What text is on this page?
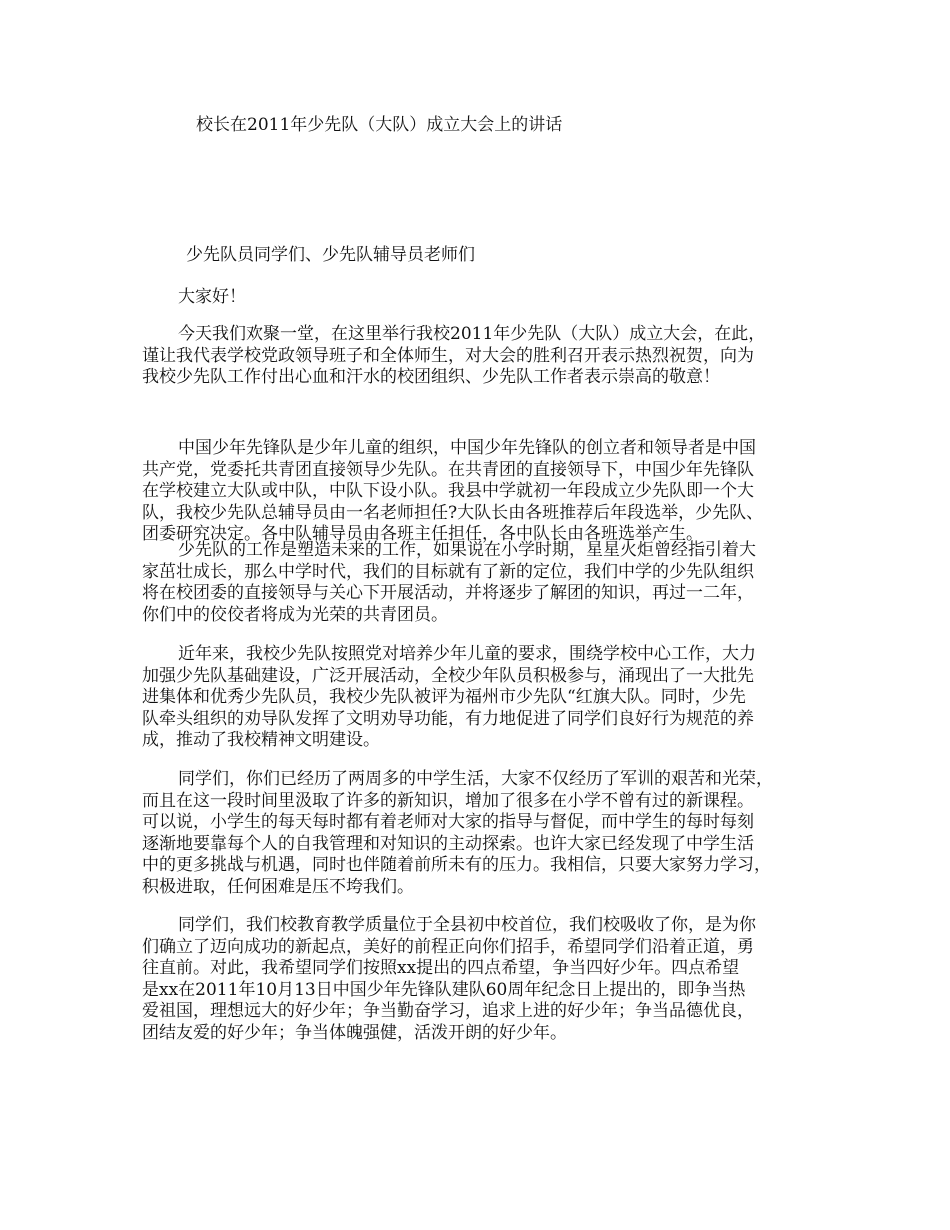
校长在2011年少先队（大队）成立大会上的讲话
少先队员同学们、少先队辅导员老师们
大家好！
今天我们欢聚一堂，在这里举行我校2011年少先队（大队）成立大会，在此，
谨让我代表学校党政领导班子和全体师生，对大会的胜利召开表示热烈祝贺，向为
我校少先队工作付出心血和汗水的校团组织、少先队工作者表示崇高的敬意！
中国少年先锋队是少年儿童的组织，中国少年先锋队的创立者和领导者是中国
共产党，党委托共青团直接领导少先队。在共青团的直接领导下，中国少年先锋队
在学校建立大队或中队，中队下设小队。我县中学就初一年段成立少先队即一个大
队，我校少先队总辅导员由一名老师担任?大队长由各班推荐后年段选举，少先队、
团委研究决定。各中队辅导员由各班主任担任，各中队长由各班选举产生。
少先队的工作是塑造未来的工作，如果说在小学时期，星星火炬曾经指引着大
家茁壮成长，那么中学时代，我们的目标就有了新的定位，我们中学的少先队组织
将在校团委的直接领导与关心下开展活动，并将逐步了解团的知识，再过一二年，
你们中的佼佼者将成为光荣的共青团员。
近年来，我校少先队按照党对培养少年儿童的要求，围绕学校中心工作，大力
加强少先队基础建设，广泛开展活动，全校少年队员积极参与，涌现出了一大批先
进集体和优秀少先队员，我校少先队被评为福州市少先队“红旗大队。同时，少先
队牵头组织的劝导队发挥了文明劝导功能，有力地促进了同学们良好行为规范的养
成，推动了我校精神文明建设。
同学们，你们已经历了两周多的中学生活，大家不仅经历了军训的艰苦和光荣，
而且在这一段时间里汲取了许多的新知识，增加了很多在小学不曾有过的新课程。
可以说，小学生的每天每时都有着老师对大家的指导与督促，而中学生的每时每刻
逐渐地要靠每个人的自我管理和对知识的主动探索。也许大家已经发现了中学生活
中的更多挑战与机遇，同时也伴随着前所未有的压力。我相信，只要大家努力学习，
积极进取，任何困难是压不垮我们。
同学们，我们校教育教学质量位于全县初中校首位，我们校吸收了你，是为你
们确立了迈向成功的新起点，美好的前程正向你们招手，希望同学们沿着正道，勇
往直前。对此，我希望同学们按照xx提出的四点希望，争当四好少年。四点希望
是xx在2011年10月13日中国少年先锋队建队60周年纪念日上提出的，即争当热
爱祖国，理想远大的好少年；争当勤奋学习，追求上进的好少年；争当品德优良，
团结友爱的好少年；争当体魄强健，活泼开朗的好少年。
